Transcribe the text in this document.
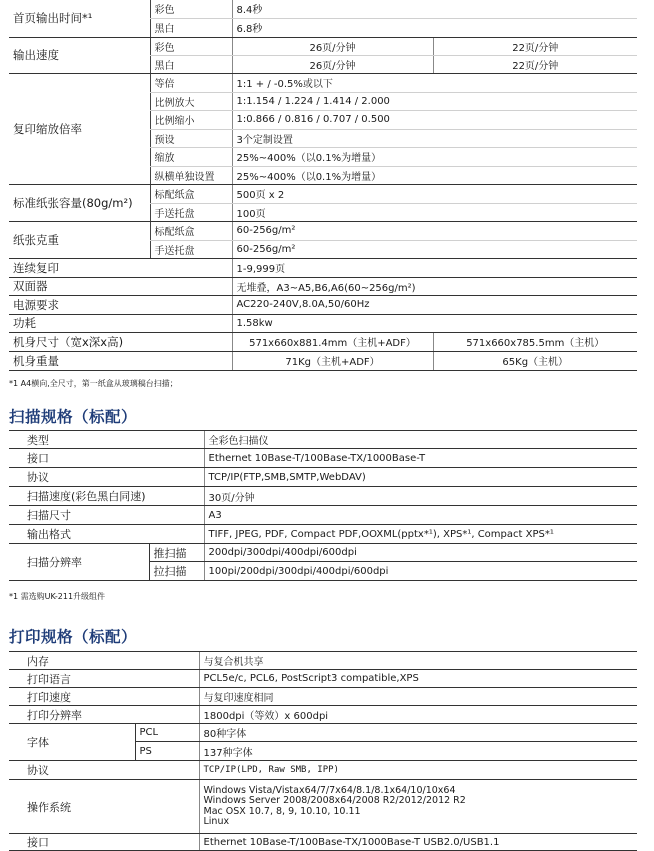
首页输出时间*¹	彩色	8.4秒	
	黑白	6.8秒	
输出速度	彩色	26页/分钟	22页/分钟
	黑白	26页/分钟	22页/分钟
复印缩放倍率	等倍	1:1 + / -0.5%或以下	
	比例放大	1:1.154 / 1.224 / 1.414 / 2.000	
	比例缩小	1:0.866 / 0.816 / 0.707 / 0.500	
	预设	3个定制设置	
	缩放	25%~400%（以0.1%为增量）	
	纵横单独设置	25%~400%（以0.1%为增量）	
标准纸张容量(80g/m²)	标配纸盒	500页 x 2	
	手送托盘	100页	
纸张克重	标配纸盒	60-256g/m²	
	手送托盘	60-256g/m²	
连续复印		1-9,999页	
双面器		无堆叠，A3~A5,B6,A6(60~256g/m²)	
电源要求		AC220-240V,8.0A,50/60Hz	
功耗		1.58kw	
机身尺寸（宽x深x高)		571x660x881.4mm（主机+ADF）	571x660x785.5mm（主机）
机身重量		71Kg（主机+ADF）	65Kg（主机）
*1 A4横向,全尺寸，第一纸盒从玻璃稿台扫描；
扫描规格（标配）
类型		全彩色扫描仪
接口		Ethernet 10Base-T/100Base-TX/1000Base-T
协议		TCP/IP(FTP,SMB,SMTP,WebDAV)
扫描速度(彩色黑白同速)		30页/分钟
扫描尺寸		A3
输出格式		TIFF, JPEG, PDF, Compact PDF,OOXML(pptx*¹), XPS*¹, Compact XPS*¹
扫描分辨率	推扫描	200dpi/300dpi/400dpi/600dpi
	拉扫描	100pi/200dpi/300dpi/400dpi/600dpi
*1 需选购UK-211升级组件
打印规格（标配）
内存		与复合机共享
打印语言		PCL5e/c, PCL6, PostScript3 compatible,XPS
打印速度		与复印速度相同
打印分辨率		1800dpi（等效）x 600dpi
字体	PCL	80种字体
	PS	137种字体
协议		TCP/IP(LPD, Raw SMB, IPP)
操作系统		Windows Vista/Vistax64/7/7x64/8.1/8.1x64/10/10x64
Windows Server 2008/2008x64/2008 R2/2012/2012 R2
Mac OSX 10.7, 8, 9, 10.10, 10.11
Linux

接口		Ethernet 10Base-T/100Base-TX/1000Base-T USB2.0/USB1.1
